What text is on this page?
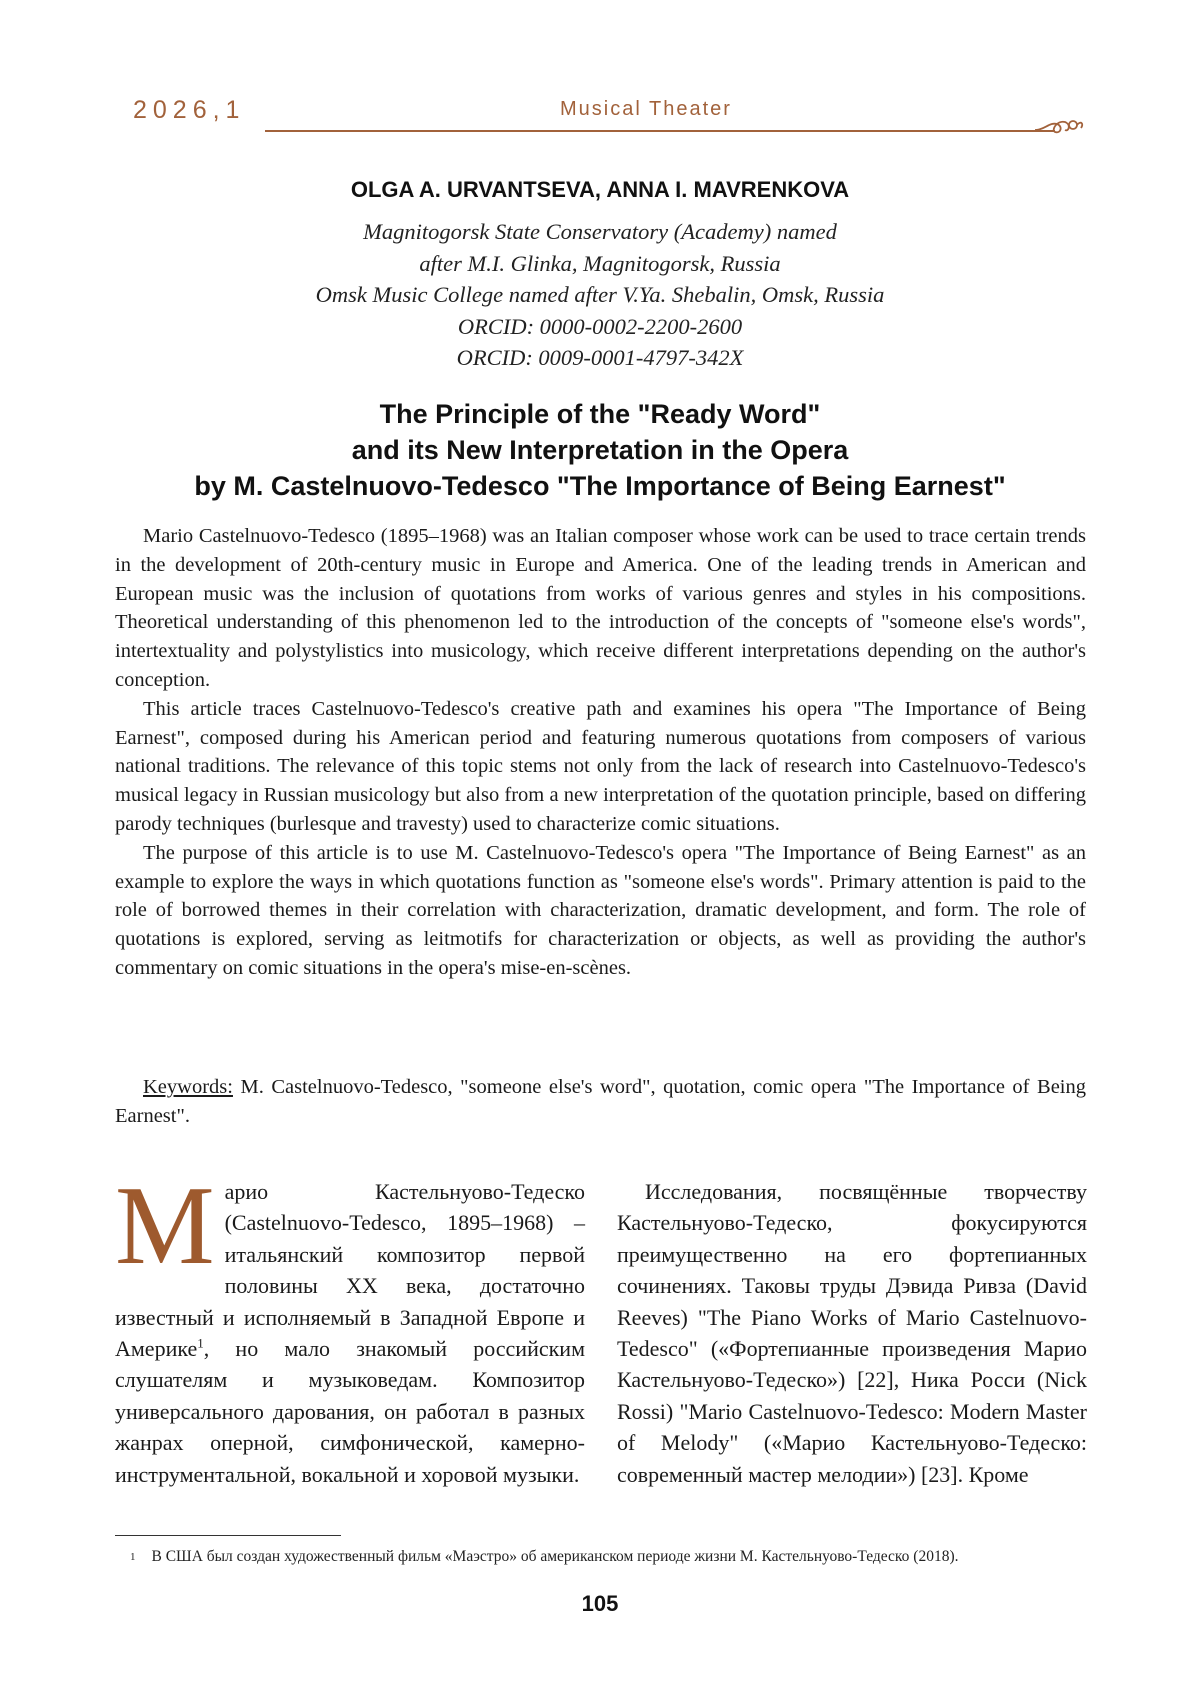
2026,1	Musical Theater
OLGA A. URVANTSEVA, ANNA I. MAVRENKOVA
Magnitogorsk State Conservatory (Academy) named
after M.I. Glinka, Magnitogorsk, Russia
Omsk Music College named after V.Ya. Shebalin, Omsk, Russia
ORCID: 0000-0002-2200-2600
ORCID: 0009-0001-4797-342X
The Principle of the "Ready Word"
and its New Interpretation in the Opera
by M. Castelnuovo-Tedesco "The Importance of Being Earnest"

Mario Castelnuovo-Tedesco (1895–1968) was an Italian composer whose work can be used to trace certain trends in the development of 20th-century music in Europe and America. One of the leading trends in American and European music was the inclusion of quotations from works of various genres and styles in his compositions. Theoretical understanding of this phenomenon led to the introduction of the concepts of "someone else's words", intertextuality and polystylistics into musicology, which receive different interpretations depending on the author's conception.

This article traces Castelnuovo-Tedesco's creative path and examines his opera "The Importance of Being Earnest", composed during his American period and featuring numerous quotations from composers of various national traditions. The relevance of this topic stems not only from the lack of research into Castelnuovo-Tedesco's musical legacy in Russian musicology but also from a new interpretation of the quotation principle, based on differing parody techniques (burlesque and travesty) used to characterize comic situations.

The purpose of this article is to use M. Castelnuovo-Tedesco's opera "The Importance of Being Earnest" as an example to explore the ways in which quotations function as "someone else's words". Primary attention is paid to the role of borrowed themes in their correlation with characterization, dramatic development, and form. The role of quotations is explored, serving as leitmotifs for characterization or objects, as well as providing the author's commentary on comic situations in the opera's mise-en-scènes.

Keywords: M. Castelnuovo-Tedesco, "someone else's word", quotation, comic opera "The Importance of Being Earnest".

Марио Кастельнуово-Тедеско (Castelnuovo-Tedesco, 1895–1968) – итальянский композитор первой половины XX века, достаточно известный и исполняемый в Западной Европе и Америке$^1$, но мало знакомый российским слушателям и музыковедам. Композитор универсального дарования, он работал в разных жанрах оперной, симфонической, камерно-инструментальной, вокальной и хоровой музыки.

Исследования, посвящённые творчеству Кастельнуово-Тедеско, фокусируются преимущественно на его фортепианных сочинениях. Таковы труды Дэвида Ривза (David Reeves) "The Piano Works of Mario Castelnuovo-Tedesco" («Фортепианные произведения Марио Кастельнуово-Тедеско») [22], Ника Росси (Nick Rossi) "Mario Castelnuovo-Tedesco: Modern Master of Melody" («Марио Кастельнуово-Тедеско: современный мастер мелодии») [23]. Кроме

$^1$ В США был создан художественный фильм «Маэстро» об американском периоде жизни М. Кастельнуово-Тедеско (2018).
105
